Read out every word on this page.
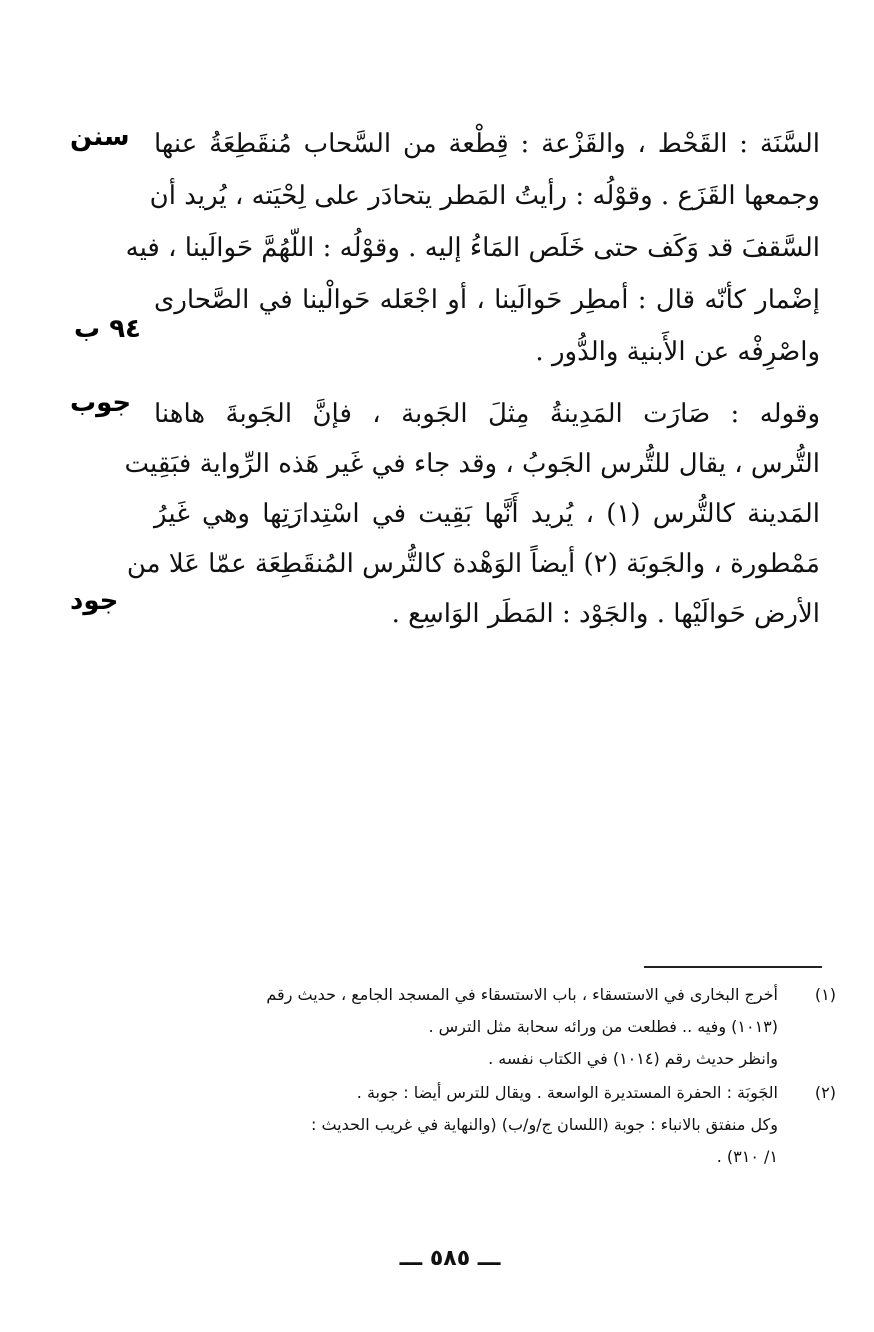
سنن
٩٤ ب
السَّنَة : القَحْط ، والقَزْعة : قِطْعة من السَّحاب مُنقَطِعَةُ عنها
وجمعها القَزَع . وقوْلُه : رأيتُ المَطر يتحادَر على لِحْيَته ، يُريد أن
السَّقفَ قد وَكَف حتى خَلَص المَاءُ إليه . وقوْلُه : اللّهُمَّ حَوالَينا ، فيه
إضْمار كأنّه قال : أمطِر حَوالَينا ، أو اجْعَله حَوالْينا في الصَّحارى
واصْرِفْه عن الأَبنية والدُّور .
جوب
جود
وقوله : صَارَت المَدِينةُ مِثلَ الجَوبة ، فإنَّ الجَوبةَ هاهنا
التُّرس ، يقال للتُّرس الجَوبُ ، وقد جاء في غَير هَذه الرِّواية فبَقِيت
المَدينة كالتُّرس (١) ، يُريد أَنَّها بَقِيت في اسْتِدارَتِها وهي غَيرُ
مَمْطورة ، والجَوبَة (٢) أيضاً الوَهْدة كالتُّرس المُنقَطِعَة عمّا عَلا من
الأرض حَوالَيْها . والجَوْد : المَطَر الوَاسِع .
(١)
أخرج البخارى في الاستسقاء ، باب الاستسقاء في المسجد الجامع ، حديث رقم
(١٠١٣) وفيه .. فطلعت من ورائه سحابة مثل الترس .
وانظر حديث رقم (١٠١٤) في الكتاب نفسه .
(٢)
الجَوبَة : الحفرة المستديرة الواسعة . ويقال للترس أيضا : جوبة .
وكل منفتق بالانباء : جوبة (اللسان ج/و/ب) (والنهاية في غريب الحديث :
١/ ٣١٠) .
ـــ ٥٨٥ ـــ
